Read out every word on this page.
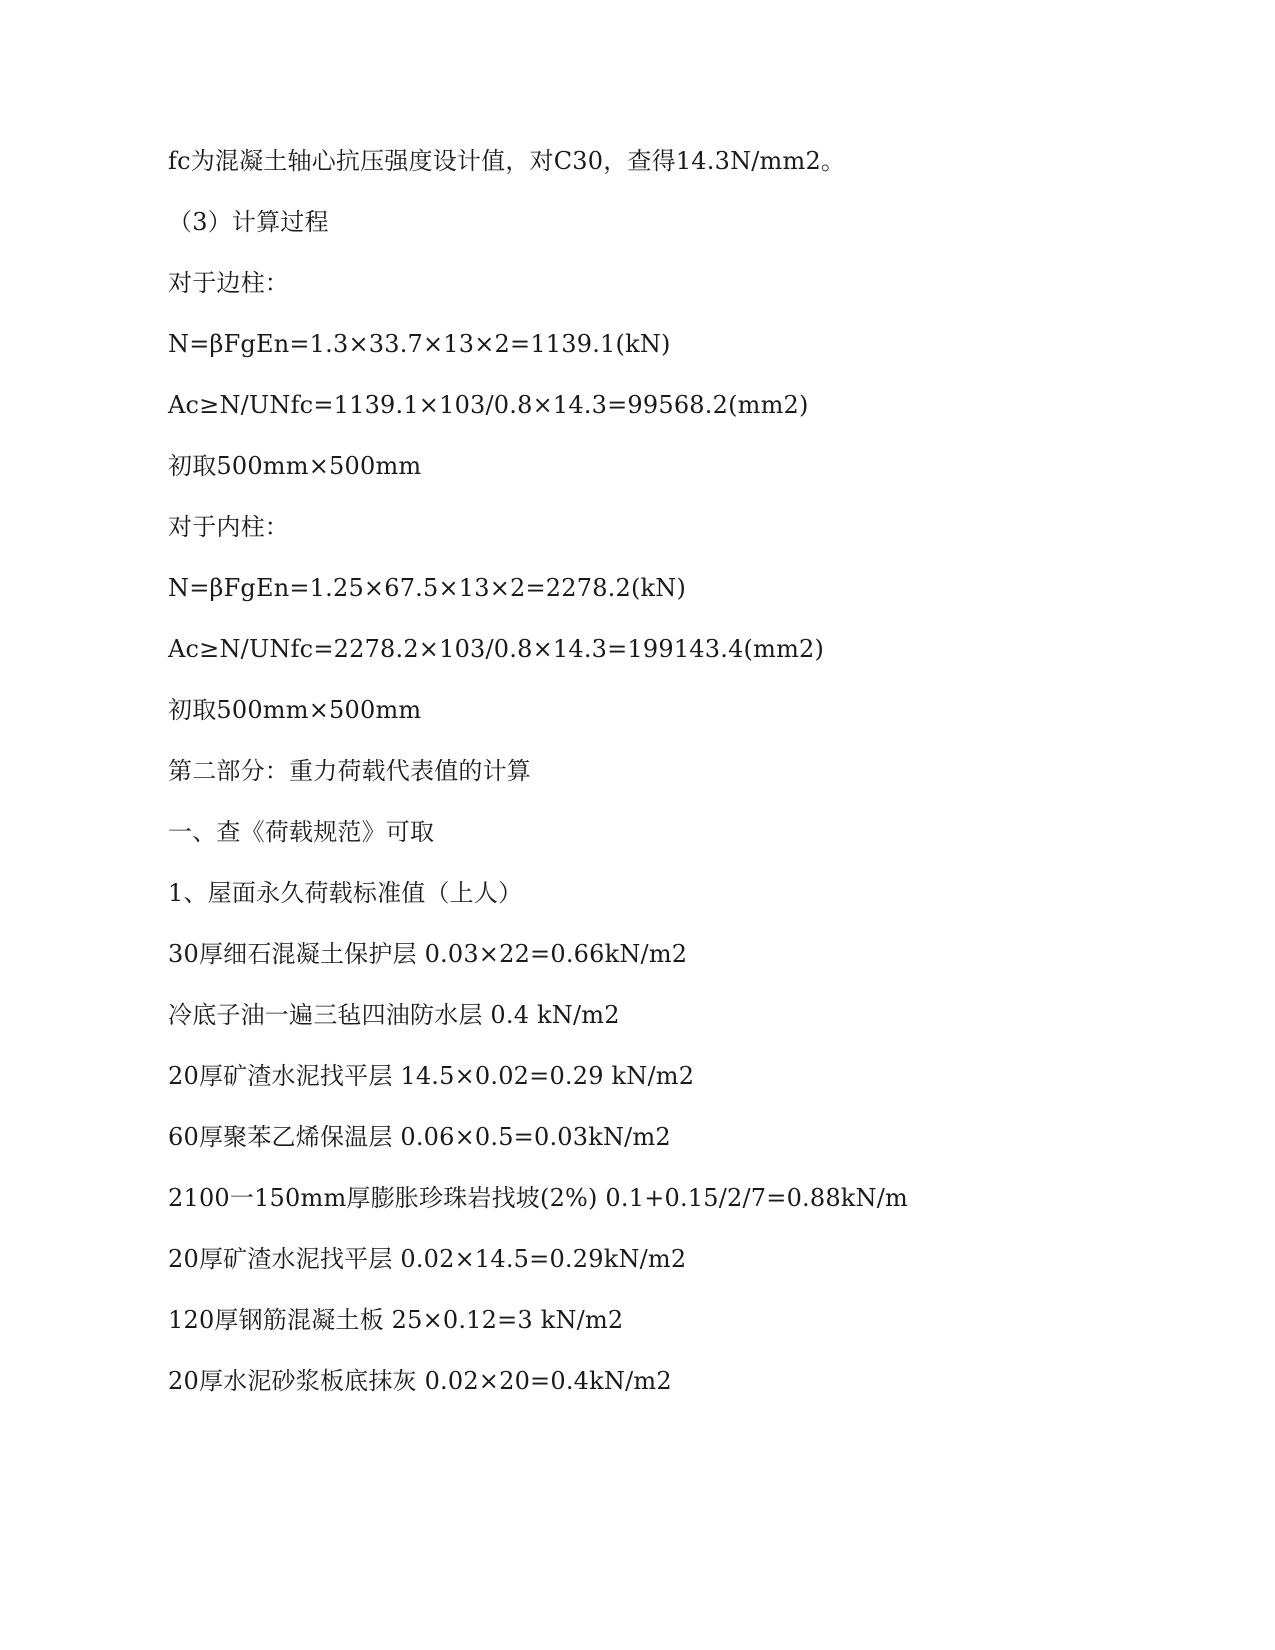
fc为混凝土轴心抗压强度设计值，对C30，查得14.3N/mm2。
（3）计算过程
对于边柱：
N=βFgEn=1.3×33.7×13×2=1139.1(kN)
Ac≥N/UNfc=1139.1×103/0.8×14.3=99568.2(mm2)
初取500mm×500mm
对于内柱：
N=βFgEn=1.25×67.5×13×2=2278.2(kN)
Ac≥N/UNfc=2278.2×103/0.8×14.3=199143.4(mm2)
初取500mm×500mm
第二部分：重力荷载代表值的计算
一、查《荷载规范》可取
1、屋面永久荷载标准值（上人）
30厚细石混凝土保护层 0.03×22=0.66kN/m2
冷底子油一遍三毡四油防水层 0.4 kN/m2
20厚矿渣水泥找平层 14.5×0.02=0.29 kN/m2
60厚聚苯乙烯保温层 0.06×0.5=0.03kN/m2
2100一150mm厚膨胀珍珠岩找坡(2%) 0.1+0.15/2/7=0.88kN/m
20厚矿渣水泥找平层 0.02×14.5=0.29kN/m2
120厚钢筋混凝土板 25×0.12=3 kN/m2
20厚水泥砂浆板底抹灰 0.02×20=0.4kN/m2
